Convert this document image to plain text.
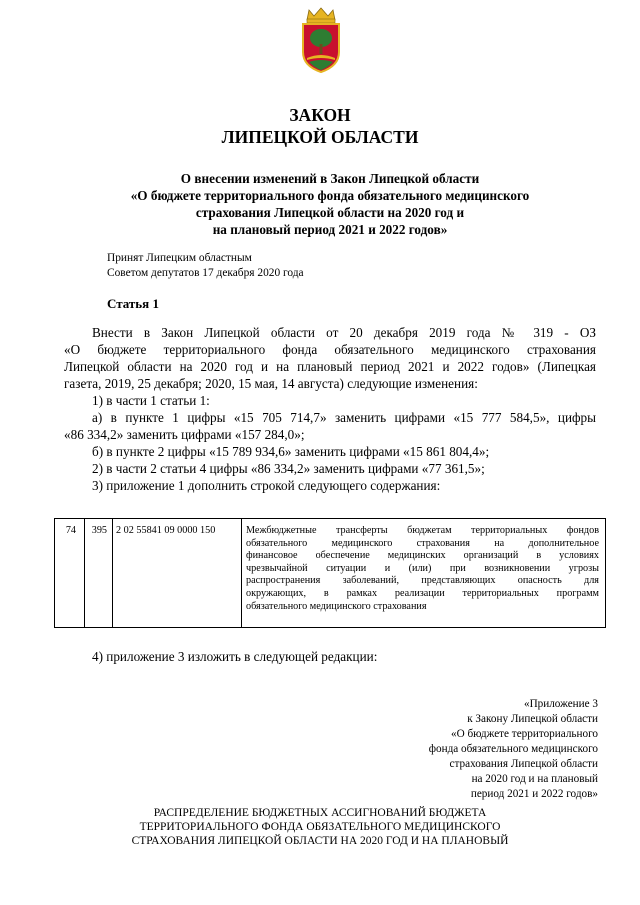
ЗАКОН
ЛИПЕЦКОЙ ОБЛАСТИ
О внесении изменений в Закон Липецкой области
«О бюджете территориального фонда обязательного медицинского
страхования Липецкой области на 2020 год и
на плановый период 2021 и 2022 годов»
Принят Липецким областным
Советом депутатов 17 декабря 2020 года
Статья 1
Внести в Закон Липецкой области от 20 декабря 2019 года № 319 - ОЗ
«О бюджете территориального фонда обязательного медицинского страхования
Липецкой области на 2020 год и на плановый период 2021 и 2022 годов» (Липецкая
газета, 2019, 25 декабря; 2020, 15 мая, 14 августа) следующие изменения:
1) в части 1 статьи 1:
а) в пункте 1 цифры «15 705 714,7» заменить цифрами «15 777 584,5», цифры
«86 334,2» заменить цифрами «157 284,0»;
б) в пункте 2 цифры «15 789 934,6» заменить цифрами «15 861 804,4»;
2) в части 2 статьи 4 цифры «86 334,2» заменить цифрами «77 361,5»;
3) приложение 1 дополнить строкой следующего содержания:
74	395 2 02 55841 09 0000 150	Межбюджетные трансферты бюджетам территориальных фондов
обязательного медицинского страхования на дополнительное
финансовое обеспечение медицинских организаций в условиях
чрезвычайной ситуации и (или) при возникновении угрозы
распространения заболеваний, представляющих опасность для
окружающих, в рамках реализации территориальных программ
обязательного медицинского страхования
4) приложение 3 изложить в следующей редакции:
«Приложение 3
к Закону Липецкой области
«О бюджете территориального
фонда обязательного медицинского
страхования Липецкой области
на 2020 год и на плановый
период 2021 и 2022 годов»
РАСПРЕДЕЛЕНИЕ БЮДЖЕТНЫХ АССИГНОВАНИЙ БЮДЖЕТА
ТЕРРИТОРИАЛЬНОГО ФОНДА ОБЯЗАТЕЛЬНОГО МЕДИЦИНСКОГО
СТРАХОВАНИЯ ЛИПЕЦКОЙ ОБЛАСТИ НА 2020 ГОД И НА ПЛАНОВЫЙ
